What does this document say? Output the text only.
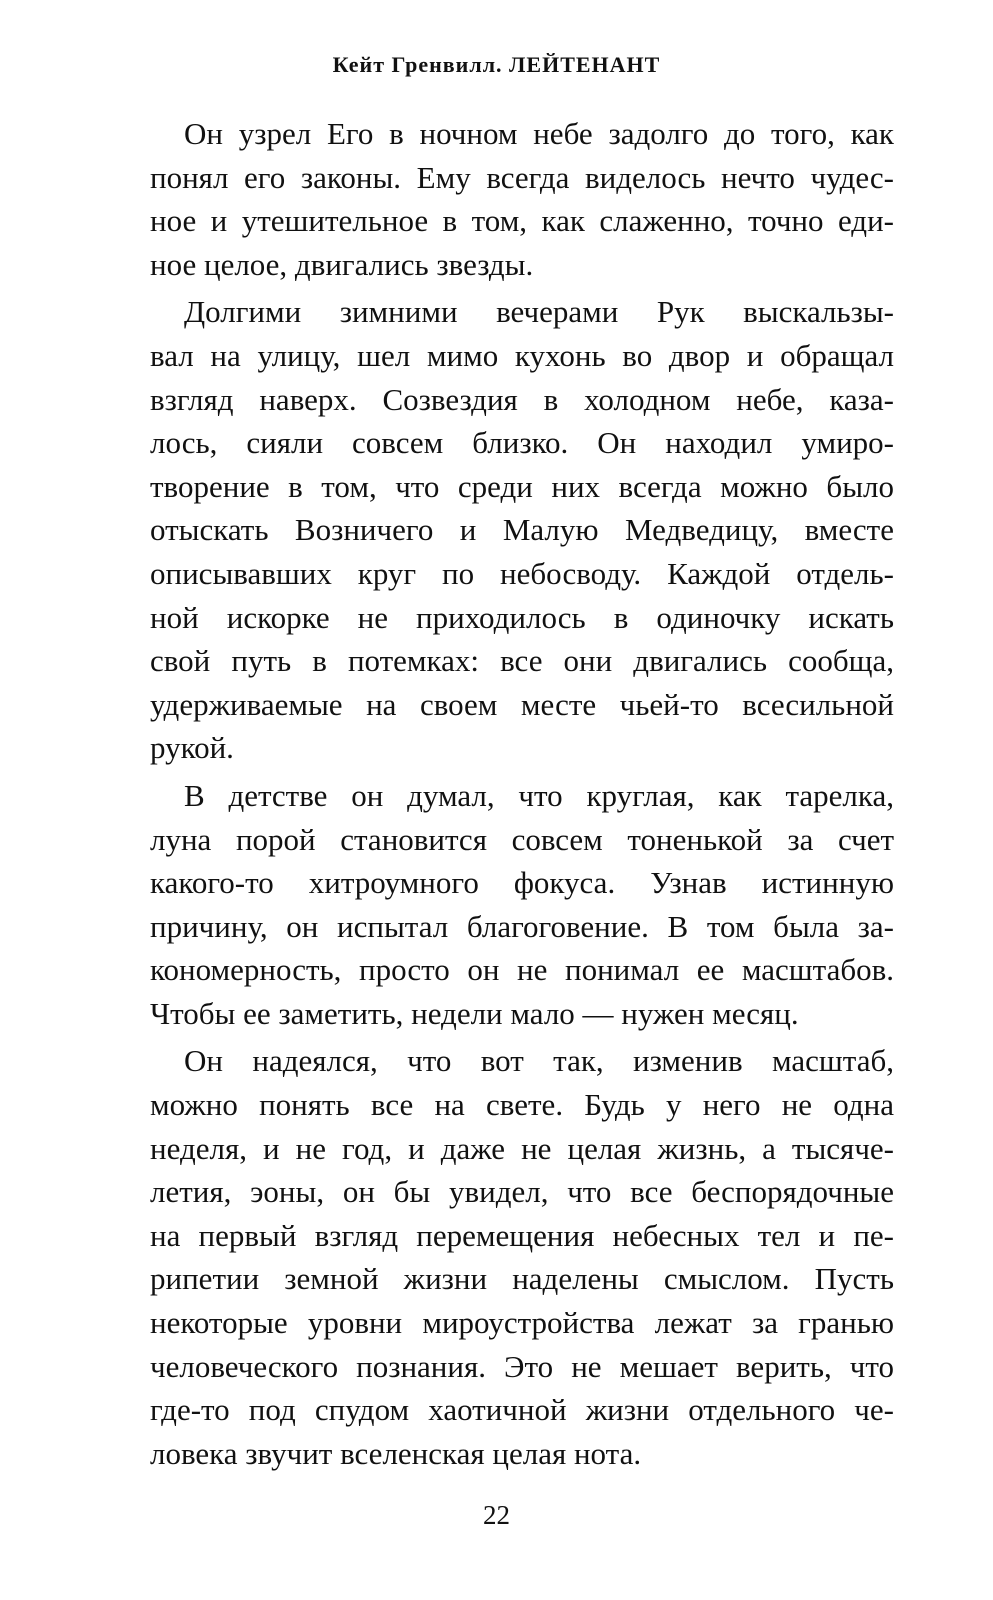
Кейт Гренвилл. ЛЕЙТЕНАНТ

Он узрел Его в ночном небе задолго до того, как
понял его законы. Ему всегда виделось нечто чудес-
ное и утешительное в том, как слаженно, точно еди-
ное целое, двигались звезды.

Долгими зимними вечерами Рук выскальзы-
вал на улицу, шел мимо кухонь во двор и обращал
взгляд наверх. Созвездия в холодном небе, каза-
лось, сияли совсем близко. Он находил умиро-
творение в том, что среди них всегда можно было
отыскать Возничего и Малую Медведицу, вместе
описывавших круг по небосводу. Каждой отдель-
ной искорке не приходилось в одиночку искать
свой путь в потемках: все они двигались сообща,
удерживаемые на своем месте чьей-то всесильной
рукой.

В детстве он думал, что круглая, как тарелка,
луна порой становится совсем тоненькой за счет
какого-то хитроумного фокуса. Узнав истинную
причину, он испытал благоговение. В том была за-
кономерность, просто он не понимал ее масштабов.
Чтобы ее заметить, недели мало — нужен месяц.

Он надеялся, что вот так, изменив масштаб,
можно понять все на свете. Будь у него не одна
неделя, и не год, и даже не целая жизнь, а тысяче-
летия, эоны, он бы увидел, что все беспорядочные
на первый взгляд перемещения небесных тел и пе-
рипетии земной жизни наделены смыслом. Пусть
некоторые уровни мироустройства лежат за гранью
человеческого познания. Это не мешает верить, что
где-то под спудом хаотичной жизни отдельного че-
ловека звучит вселенская целая нота.

22
